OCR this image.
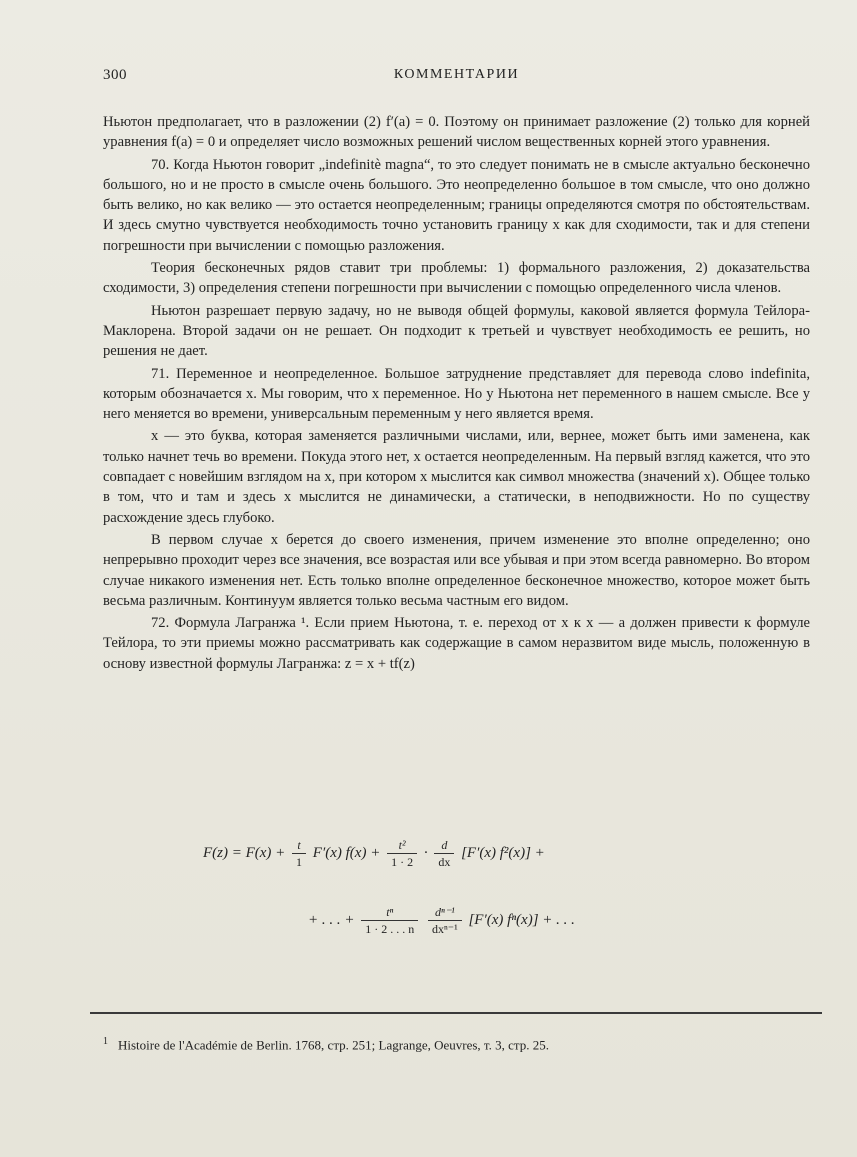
300	КОММЕНТАРИИ

Ньютон предполагает, что в разложении (2) f′(a) = 0. Поэтому он принимает разложение (2) только для корней уравнения f(a) = 0 и определяет число возможных решений числом вещественных корней этого уравнения.

70. Когда Ньютон говорит „indefinitè magna“, то это следует понимать не в смысле актуально бесконечно большого, но и не просто в смысле очень большого. Это неопределенно большое в том смысле, что оно должно быть велико, но как велико — это остается неопределенным; границы определяются смотря по обстоятельствам. И здесь смутно чувствуется необходимость точно установить границу x как для сходимости, так и для степени погрешности при вычислении с помощью разложения.

Теория бесконечных рядов ставит три проблемы: 1) формального разложения, 2) доказательства сходимости, 3) определения степени погрешности при вычислении с помощью определенного числа членов.

Ньютон разрешает первую задачу, но не выводя общей формулы, каковой является формула Тейлора-Маклорена. Второй задачи он не решает. Он подходит к третьей и чувствует необходимость ее решить, но решения не дает.

71. Переменное и неопределенное. Большое затруднение представляет для перевода слово indefinita, которым обозначается x. Мы говорим, что x переменное. Но у Ньютона нет переменного в нашем смысле. Все у него меняется во времени, универсальным переменным у него является время.

x — это буква, которая заменяется различными числами, или, вернее, может быть ими заменена, как только начнет течь во времени. Покуда этого нет, x остается неопределенным. На первый взгляд кажется, что это совпадает с новейшим взглядом на x, при котором x мыслится как символ множества (значений x). Общее только в том, что и там и здесь x мыслится не динамически, а статически, в неподвижности. Но по существу расхождение здесь глубоко.

В первом случае x берется до своего изменения, причем изменение это вполне определенно; оно непрерывно проходит через все значения, все возрастая или все убывая и при этом всегда равномерно. Во втором случае никакого изменения нет. Есть только вполне определенное бесконечное множество, которое может быть весьма различным. Континуум является только весьма частным его видом.

72. Формула Лагранжа ¹. Если прием Ньютона, т. е. переход от x к x — a должен привести к формуле Тейлора, то эти приемы можно рассматривать как содержащие в самом неразвитом виде мысль, положенную в основу известной формулы Лагранжа: z = x + tf(z)

$F(z) = F(x) + \frac{t}{1} F'(x) f(x) + \frac{\text{t²}}{1 \cdot 2} \cdot \frac{d}{dx} [F'(x) f^2(x)]$ +
+ . . . + $\frac{\text{tⁿ}}{1 \cdot 2 . . . n}$
$\frac{\text{dⁿ⁻¹}}{\text{dxⁿ⁻¹}} [F'(x) f^n(x)]$ + . . .
$^1$ Histoire de l'Académie de Berlin. 1768, стр. 251; Lagrange, Oeuvres, т. 3, стр. 25.
